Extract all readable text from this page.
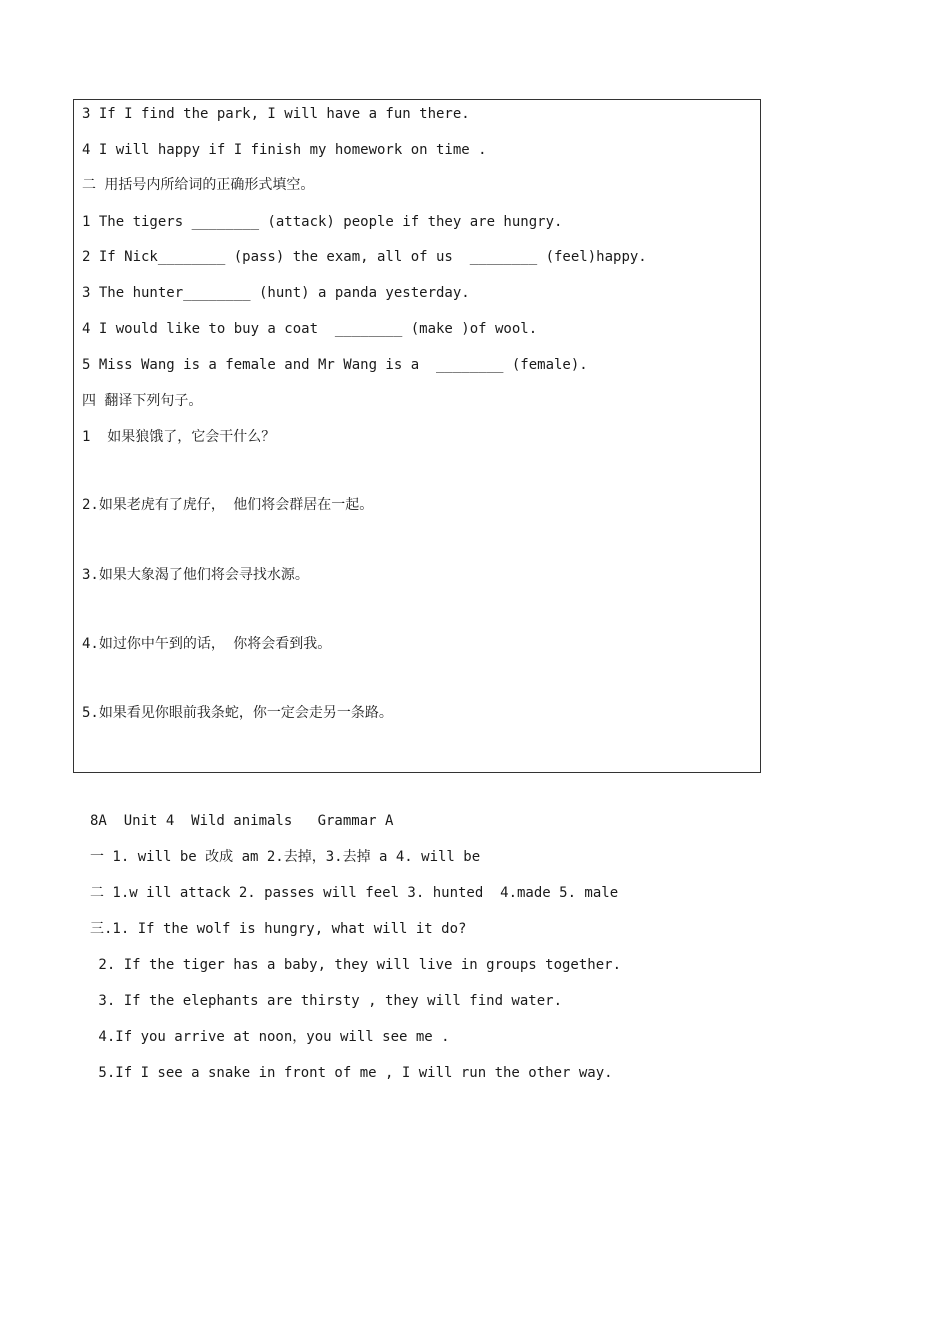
3 If I find the park, I will have a fun there.
4 I will happy if I finish my homework on time .
二 用括号内所给词的正确形式填空。
1 The tigers ________ (attack) people if they are hungry.
2 If Nick________ (pass) the exam, all of us  ________ (feel)happy.
3 The hunter________ (hunt) a panda yesterday.
4 I would like to buy a coat  ________ (make )of wool.
5 Miss Wang is a female and Mr Wang is a  ________ (female).
四 翻译下列句子。
1  如果狼饿了，它会干什么？
2.如果老虎有了虎仔， 他们将会群居在一起。
3.如果大象渴了他们将会寻找水源。
4.如过你中午到的话， 你将会看到我。
5.如果看见你眼前我条蛇，你一定会走另一条路。
8A  Unit 4  Wild animals   Grammar A
一 1. will be 改成 am 2.去掉，3.去掉 a 4. will be
二 1.w ill attack 2. passes will feel 3. hunted  4.made 5. male
三.1. If the wolf is hungry, what will it do?
2. If the tiger has a baby, they will live in groups together.
3. If the elephants are thirsty , they will find water.
4.If you arrive at noon，you will see me .
5.If I see a snake in front of me , I will run the other way.
